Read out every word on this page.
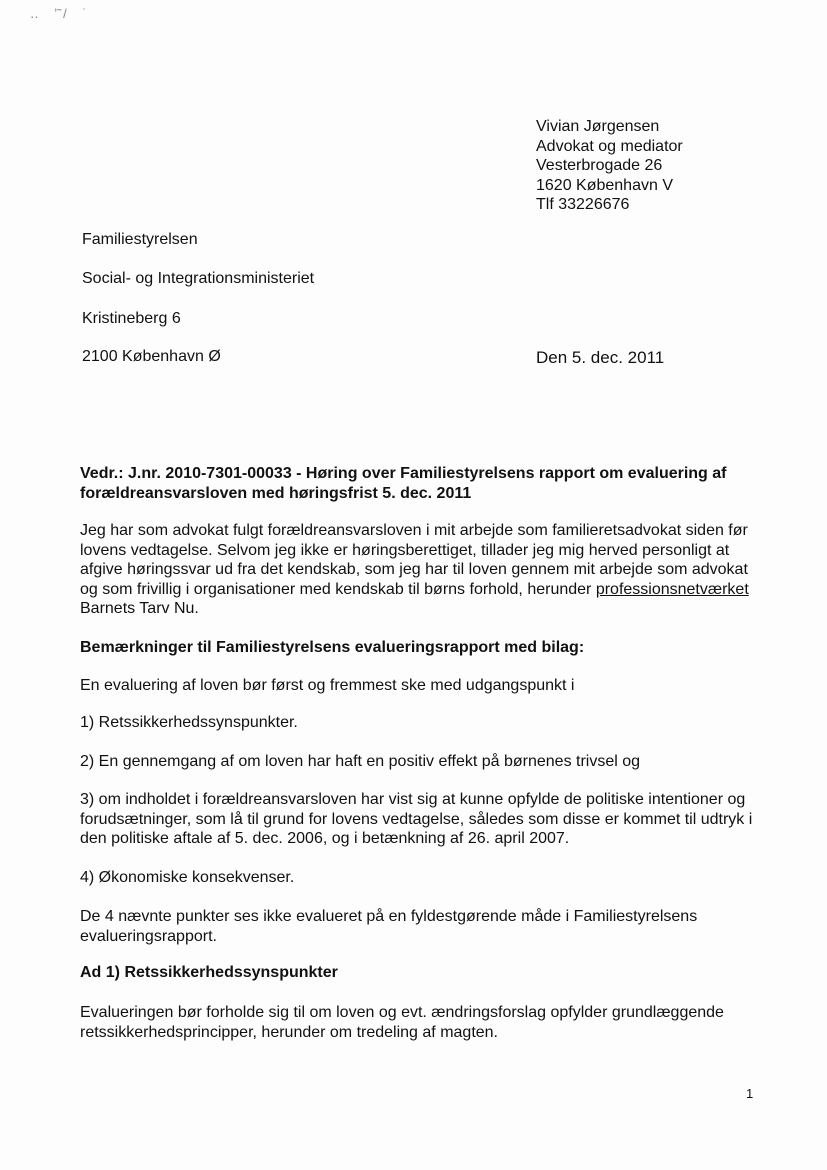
‥ ʼ̃/ ˙
Vivian Jørgensen
Advokat og mediator
Vesterbrogade 26
1620 København V
Tlf 33226676
Familiestyrelsen
Social- og Integrationsministeriet
Kristineberg 6
2100 København Ø	Den 5. dec. 2011
Vedr.: J.nr. 2010-7301-00033 - Høring over Familiestyrelsens rapport om evaluering af forældreansvarsloven med høringsfrist 5. dec. 2011
Jeg har som advokat fulgt forældreansvarsloven i mit arbejde som familieretsadvokat siden før lovens vedtagelse. Selvom jeg ikke er høringsberettiget, tillader jeg mig herved personligt at afgive høringssvar ud fra det kendskab, som jeg har til loven gennem mit arbejde som advokat og som frivillig i organisationer med kendskab til børns forhold, herunder professionsnetværket Barnets Tarv Nu.
Bemærkninger til Familiestyrelsens evalueringsrapport med bilag:
En evaluering af loven bør først og fremmest ske med udgangspunkt i
1) Retssikkerhedssynspunkter.
2) En gennemgang af om loven har haft en positiv effekt på børnenes trivsel og
3) om indholdet i forældreansvarsloven har vist sig at kunne opfylde de politiske intentioner og forudsætninger, som lå til grund for lovens vedtagelse, således som disse er kommet til udtryk i den politiske aftale af 5. dec. 2006, og i betænkning af 26. april 2007.
4) Økonomiske konsekvenser.
De 4 nævnte punkter ses ikke evalueret på en fyldestgørende måde i Familiestyrelsens evalueringsrapport.
Ad 1) Retssikkerhedssynspunkter
Evalueringen bør forholde sig til om loven og evt. ændringsforslag opfylder grundlæggende retssikkerhedsprincipper, herunder om tredeling af magten.
1
